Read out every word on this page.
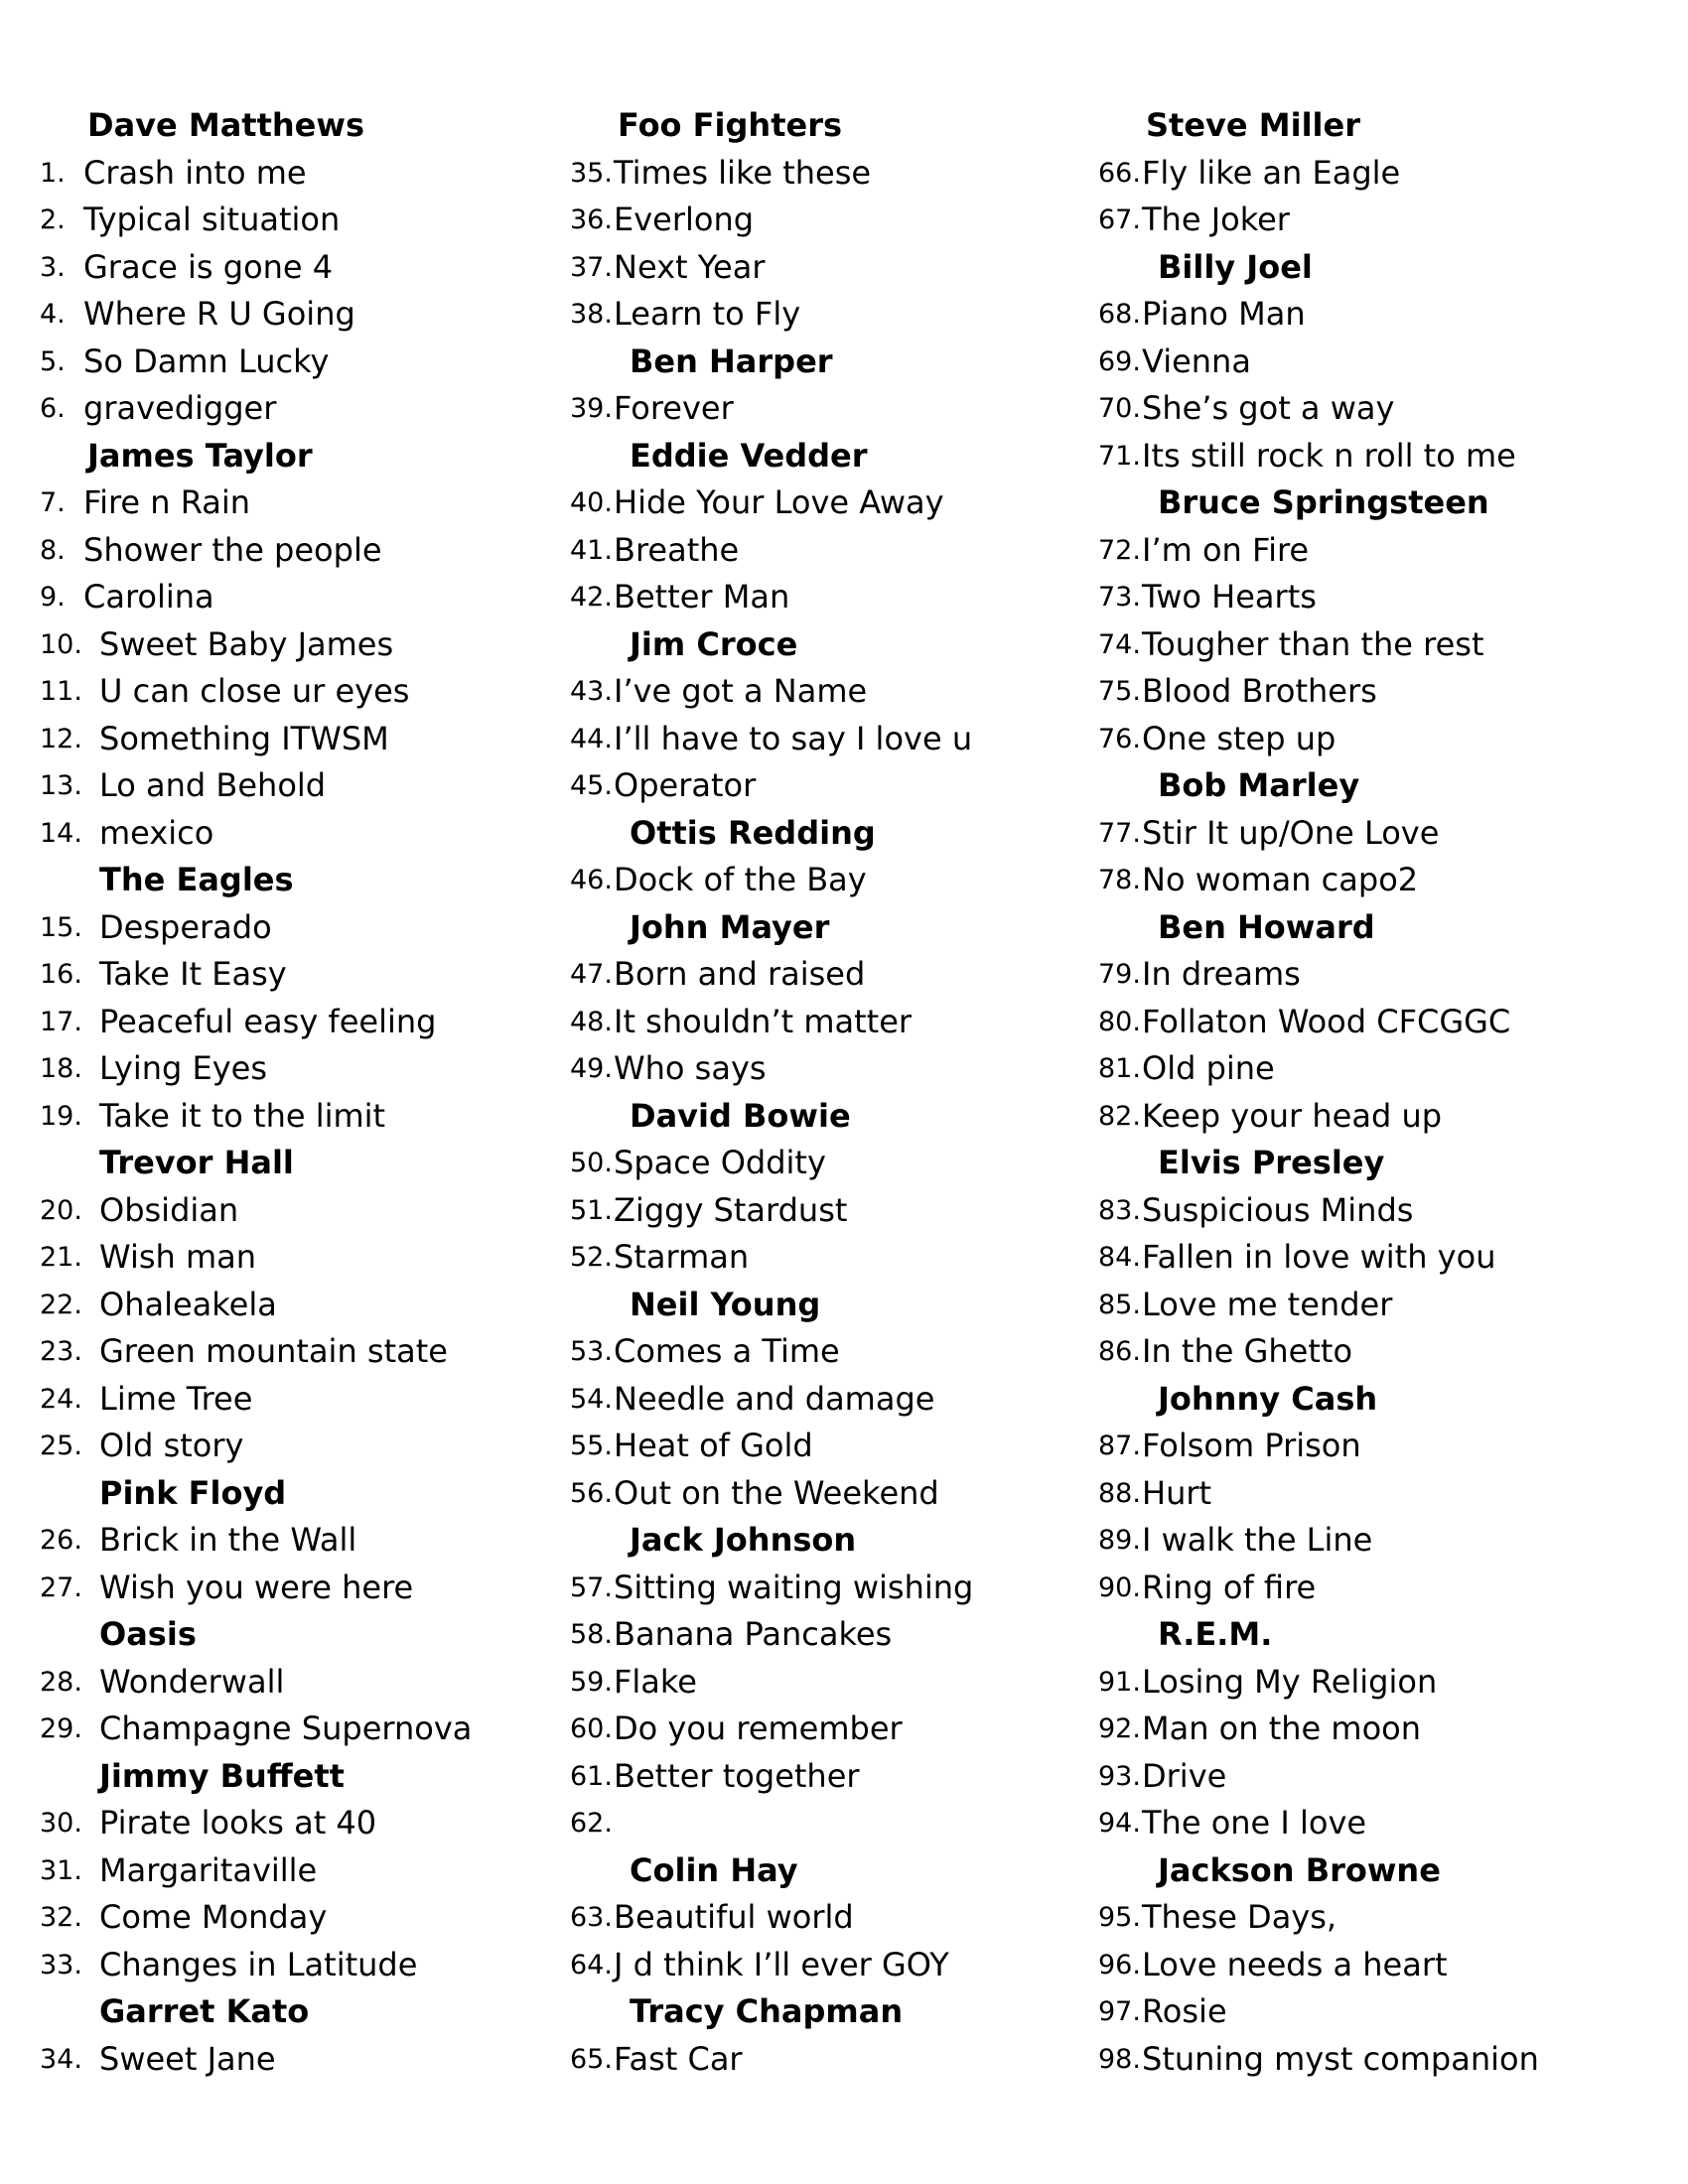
Dave Matthews
1. Crash into me
2. Typical situation
3. Grace is gone 4
4. Where R U Going
5. So Damn Lucky
6. gravedigger
James Taylor
7. Fire n Rain
8. Shower the people
9. Carolina
10. Sweet Baby James
11. U can close ur eyes
12. Something ITWSM
13. Lo and Behold
14. mexico
The Eagles
15. Desperado
16. Take It Easy
17. Peaceful easy feeling
18. Lying Eyes
19. Take it to the limit
Trevor Hall
20. Obsidian
21. Wish man
22. Ohaleakela
23. Green mountain state
24. Lime Tree
25. Old story
Pink Floyd
26. Brick in the Wall
27. Wish you were here
Oasis
28. Wonderwall
29. Champagne Supernova
Jimmy Buffett
30. Pirate looks at 40
31. Margaritaville
32. Come Monday
33. Changes in Latitude
Garret Kato
34. Sweet Jane
Foo Fighters
35. Times like these
36. Everlong
37. Next Year
38. Learn to Fly
Ben Harper
39. Forever
Eddie Vedder
40. Hide Your Love Away
41. Breathe
42. Better Man
Jim Croce
43. I’ve got a Name
44. I’ll have to say I love u
45. Operator
Ottis Redding
46. Dock of the Bay
John Mayer
47. Born and raised
48. It shouldn’t matter
49. Who says
David Bowie
50. Space Oddity
51. Ziggy Stardust
52. Starman
Neil Young
53. Comes a Time
54. Needle and damage
55. Heat of Gold
56. Out on the Weekend
Jack Johnson
57. Sitting waiting wishing
58. Banana Pancakes
59. Flake
60. Do you remember
61. Better together
62.
Colin Hay
63. Beautiful world
64. J d think I’ll ever GOY
Tracy Chapman
65. Fast Car
Steve Miller
66. Fly like an Eagle
67. The Joker
Billy Joel
68. Piano Man
69. Vienna
70. She’s got a way
71. Its still rock n roll to me
Bruce Springsteen
72. I’m on Fire
73. Two Hearts
74. Tougher than the rest
75. Blood Brothers
76. One step up
Bob Marley
77. Stir It up/One Love
78. No woman capo2
Ben Howard
79. In dreams
80. Follaton Wood CFCGGC
81. Old pine
82. Keep your head up
Elvis Presley
83. Suspicious Minds
84. Fallen in love with you
85. Love me tender
86. In the Ghetto
Johnny Cash
87. Folsom Prison
88. Hurt
89. I walk the Line
90. Ring of fire
R.E.M.
91. Losing My Religion
92. Man on the moon
93. Drive
94. The one I love
Jackson Browne
95. These Days,
96. Love needs a heart
97. Rosie
98. Stuning myst companion
